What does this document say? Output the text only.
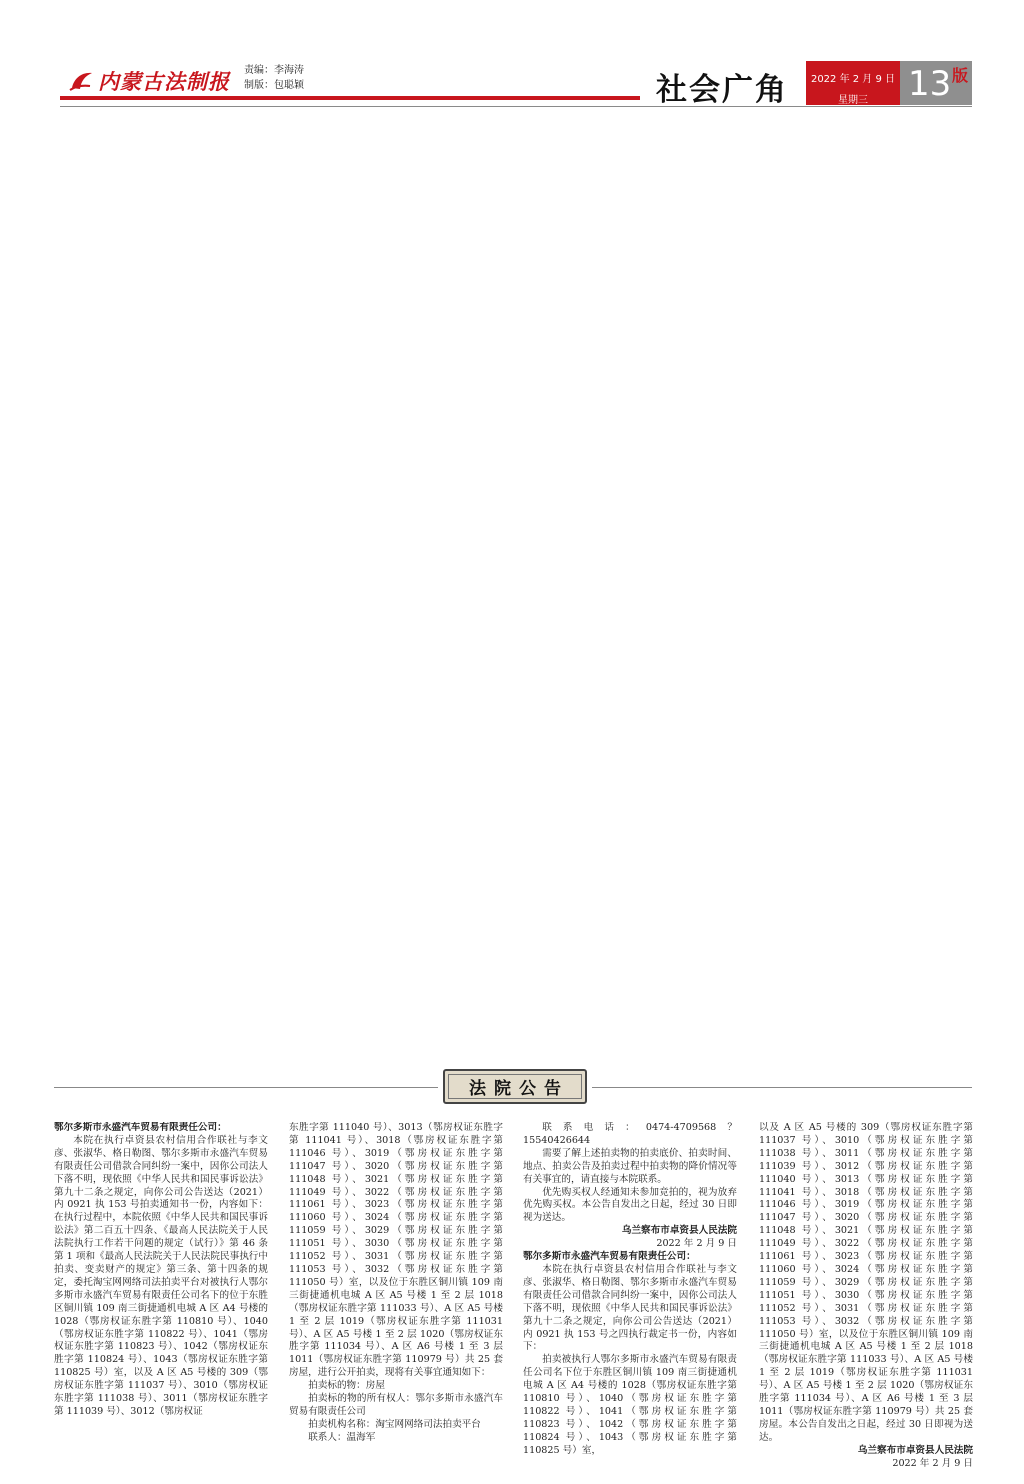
内蒙古法制报 责编：李海涛
制版：包聪颖	社会广角	2022 年 2 月 9 日
星期三	13 版
法院公告

鄂尔多斯市永盛汽车贸易有限责任公司：

本院在执行卓资县农村信用合作联社与李文彦、张淑华、格日勒图、鄂尔多斯市永盛汽车贸易有限责任公司借款合同纠纷一案中，因你公司法人下落不明，现依照《中华人民共和国民事诉讼法》第九十二条之规定，向你公司公告送达（2021）内 0921 执 153 号拍卖通知书一份，内容如下：在执行过程中，本院依照《中华人民共和国民事诉讼法》第二百五十四条、《最高人民法院关于人民法院执行工作若干问题的规定（试行）》第 46 条第 1 项和《最高人民法院关于人民法院民事执行中拍卖、变卖财产的规定》第三条、第十四条的规定，委托淘宝网网络司法拍卖平台对被执行人鄂尔多斯市永盛汽车贸易有限责任公司名下的位于东胜区铜川镇 109 南三街捷通机电城 A 区 A4 号楼的 1028（鄂房权证东胜字第 110810 号）、1040（鄂房权证东胜字第 110822 号）、1041（鄂房权证东胜字第 110823 号）、1042（鄂房权证东胜字第 110824 号）、1043（鄂房权证东胜字第 110825 号）室，以及 A 区 A5 号楼的 309（鄂房权证东胜字第 111037 号）、3010（鄂房权证东胜字第 111038 号）、3011（鄂房权证东胜字第 111039 号）、3012（鄂房权证

东胜字第 111040 号）、3013（鄂房权证东胜字第 111041 号）、3018（鄂房权证东胜字第 111046 号）、3019（鄂房权证东胜字第 111047 号）、3020（鄂房权证东胜字第 111048 号）、3021（鄂房权证东胜字第 111049 号）、3022（鄂房权证东胜字第 111061 号）、3023（鄂房权证东胜字第 111060 号）、3024（鄂房权证东胜字第 111059 号）、3029（鄂房权证东胜字第 111051 号）、3030（鄂房权证东胜字第 111052 号）、3031（鄂房权证东胜字第 111053 号）、3032（鄂房权证东胜字第 111050 号）室，以及位于东胜区铜川镇 109 南三街捷通机电城 A 区 A5 号楼 1 至 2 层 1018（鄂房权证东胜字第 111033 号）、A 区 A5 号楼 1 至 2 层 1019（鄂房权证东胜字第 111031 号）、A 区 A5 号楼 1 至 2 层 1020（鄂房权证东胜字第 111034 号）、A 区 A6 号楼 1 至 3 层 1011（鄂房权证东胜字第 110979 号）共 25 套房屋，进行公开拍卖，现将有关事宜通知如下：

拍卖标的物：房屋

拍卖标的物的所有权人：鄂尔多斯市永盛汽车贸易有限责任公司

拍卖机构名称：淘宝网网络司法拍卖平台

联系人：温海军

联系电话：0474-4709568？15540426644

需要了解上述拍卖物的拍卖底价、拍卖时间、地点、拍卖公告及拍卖过程中拍卖物的降价情况等有关事宜的，请直接与本院联系。

优先购买权人经通知未参加竞拍的，视为放弃优先购买权。本公告自发出之日起，经过 30 日即视为送达。

乌兰察布市卓资县人民法院

2022 年 2 月 9 日

鄂尔多斯市永盛汽车贸易有限责任公司：

本院在执行卓资县农村信用合作联社与李文彦、张淑华、格日勒图、鄂尔多斯市永盛汽车贸易有限责任公司借款合同纠纷一案中，因你公司法人下落不明，现依照《中华人民共和国民事诉讼法》第九十二条之规定，向你公司公告送达（2021）内 0921 执 153 号之四执行裁定书一份，内容如下：

拍卖被执行人鄂尔多斯市永盛汽车贸易有限责任公司名下位于东胜区铜川镇 109 南三街捷通机电城 A 区 A4 号楼的 1028（鄂房权证东胜字第 110810 号）、1040（鄂房权证东胜字第 110822 号）、1041（鄂房权证东胜字第 110823 号）、1042（鄂房权证东胜字第 110824 号）、1043（鄂房权证东胜字第 110825 号）室，

以及 A 区 A5 号楼的 309（鄂房权证东胜字第 111037 号）、3010（鄂房权证东胜字第 111038 号）、3011（鄂房权证东胜字第 111039 号）、3012（鄂房权证东胜字第 111040 号）、3013（鄂房权证东胜字第 111041 号）、3018（鄂房权证东胜字第 111046 号）、3019（鄂房权证东胜字第 111047 号）、3020（鄂房权证东胜字第 111048 号）、3021（鄂房权证东胜字第 111049 号）、3022（鄂房权证东胜字第 111061 号）、3023（鄂房权证东胜字第 111060 号）、3024（鄂房权证东胜字第 111059 号）、3029（鄂房权证东胜字第 111051 号）、3030（鄂房权证东胜字第 111052 号）、3031（鄂房权证东胜字第 111053 号）、3032（鄂房权证东胜字第 111050 号）室，以及位于东胜区铜川镇 109 南三街捷通机电城 A 区 A5 号楼 1 至 2 层 1018（鄂房权证东胜字第 111033 号）、A 区 A5 号楼 1 至 2 层 1019（鄂房权证东胜字第 111031 号）、A 区 A5 号楼 1 至 2 层 1020（鄂房权证东胜字第 111034 号）、A 区 A6 号楼 1 至 3 层 1011（鄂房权证东胜字第 110979 号）共 25 套房屋。本公告自发出之日起，经过 30 日即视为送达。

乌兰察布市卓资县人民法院

2022 年 2 月 9 日
